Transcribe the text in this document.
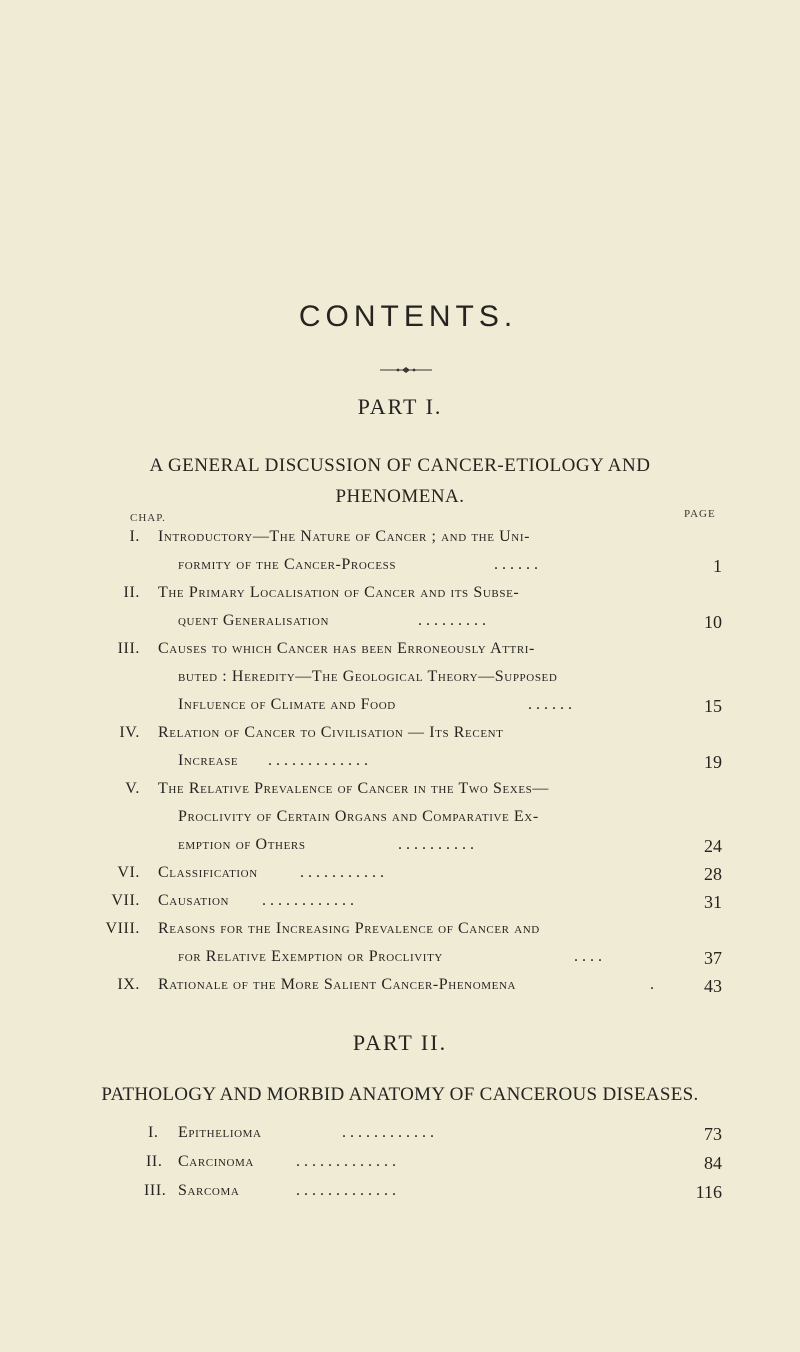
CONTENTS.
PART I.
A GENERAL DISCUSSION OF CANCER-ETIOLOGY AND
PHENOMENA.
CHAP.	PAGE
I. Introductory—The Nature of Cancer ; and the Uni-
formity of the Cancer-Process	. . . . . .	1
II. The Primary Localisation of Cancer and its Subse-
quent Generalisation	. . . . . . . . .	10
III. Causes to which Cancer has been Erroneously Attri-
buted : Heredity—The Geological Theory—Supposed
Influence of Climate and Food	. . . . . .	15
IV. Relation of Cancer to Civilisation — Its Recent
Increase . . . . . . . . . . . . .	19
V. The Relative Prevalence of Cancer in the Two Sexes—
Proclivity of Certain Organs and Comparative Ex-
emption of Others	. . . . . . . . . .	24
VI. Classification	. . . . . . . . . . .	28
VII. Causation . . . . . . . . . . . .	31
VIII. Reasons for the Increasing Prevalence of Cancer and
for Relative Exemption or Proclivity	. . . .	37
IX. Rationale of the More Salient Cancer-Phenomena	.	43
PART II.
PATHOLOGY AND MORBID ANATOMY OF CANCEROUS DISEASES.
I.	Epithelioma	. . . . . . . . . . . .	73
II. Carcinoma	. . . . . . . . . . . . .	84
III. Sarcoma	. . . . . . . . . . . . .	116
